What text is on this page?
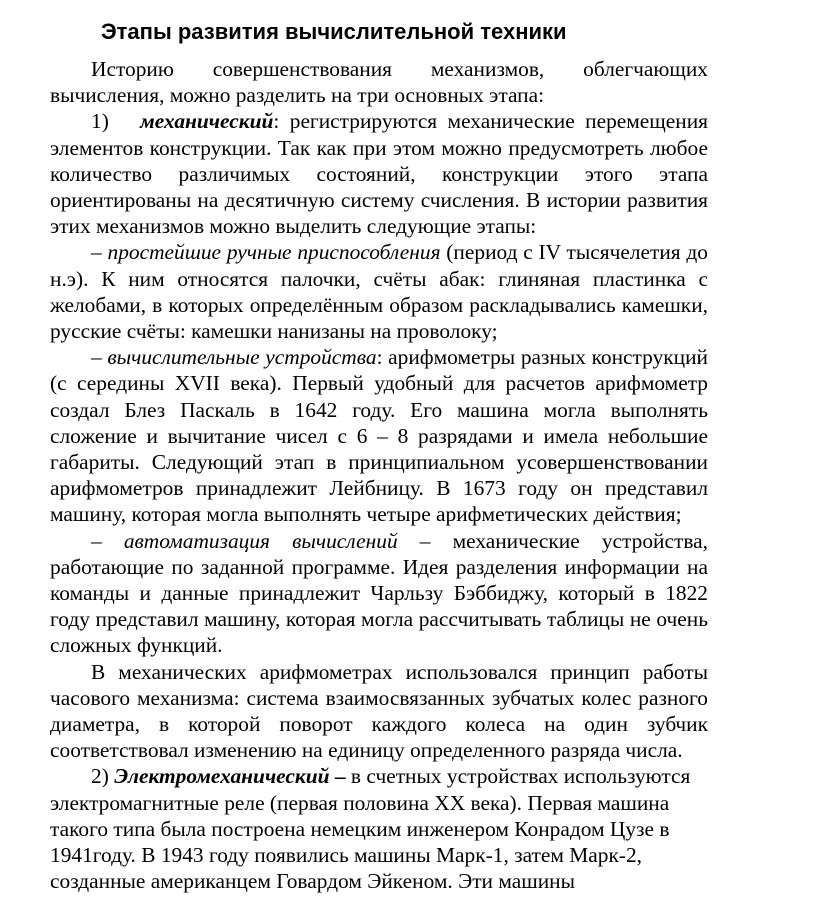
Этапы развития вычислительной техники

Историю совершенствования механизмов, облегчающих вычисления, можно разделить на три основных этапа:

1) механический: регистрируются механические перемещения элементов конструкции. Так как при этом можно предусмотреть любое количество различимых состояний, конструкции этого этапа ориентированы на десятичную систему счисления. В истории развития этих механизмов можно выделить следующие этапы:

– простейшие ручные приспособления (период с IV тысячелетия до н.э). К ним относятся палочки, счёты абак: глиняная пластинка с желобами, в которых определённым образом раскладывались камешки, русские счёты: камешки нанизаны на проволоку;

– вычислительные устройства: арифмометры разных конструкций (с середины XVII века). Первый удобный для расчетов арифмометр создал Блез Паскаль в 1642 году. Его машина могла выполнять сложение и вычитание чисел с 6 – 8 разрядами и имела небольшие габариты. Следующий этап в принципиальном усовершенствовании арифмометров принадлежит Лейбницу. В 1673 году он представил машину, которая могла выполнять четыре арифметических действия;

– автоматизация вычислений – механические устройства, работающие по заданной программе. Идея разделения информации на команды и данные принадлежит Чарльзу Бэббиджу, который в 1822 году представил машину, которая могла рассчитывать таблицы не очень сложных функций.

В механических арифмометрах использовался принцип работы часового механизма: система взаимосвязанных зубчатых колес разного диаметра, в которой поворот каждого колеса на один зубчик соответствовал изменению на единицу определенного разряда числа.

2) Электромеханический – в счетных устройствах используются электромагнитные реле (первая половина XX века). Первая машина такого типа была построена немецким инженером Конрадом Цузе в 1941году. В 1943 году появились машины Марк-1, затем Марк-2, созданные американцем Говардом Эйкеном. Эти машины
